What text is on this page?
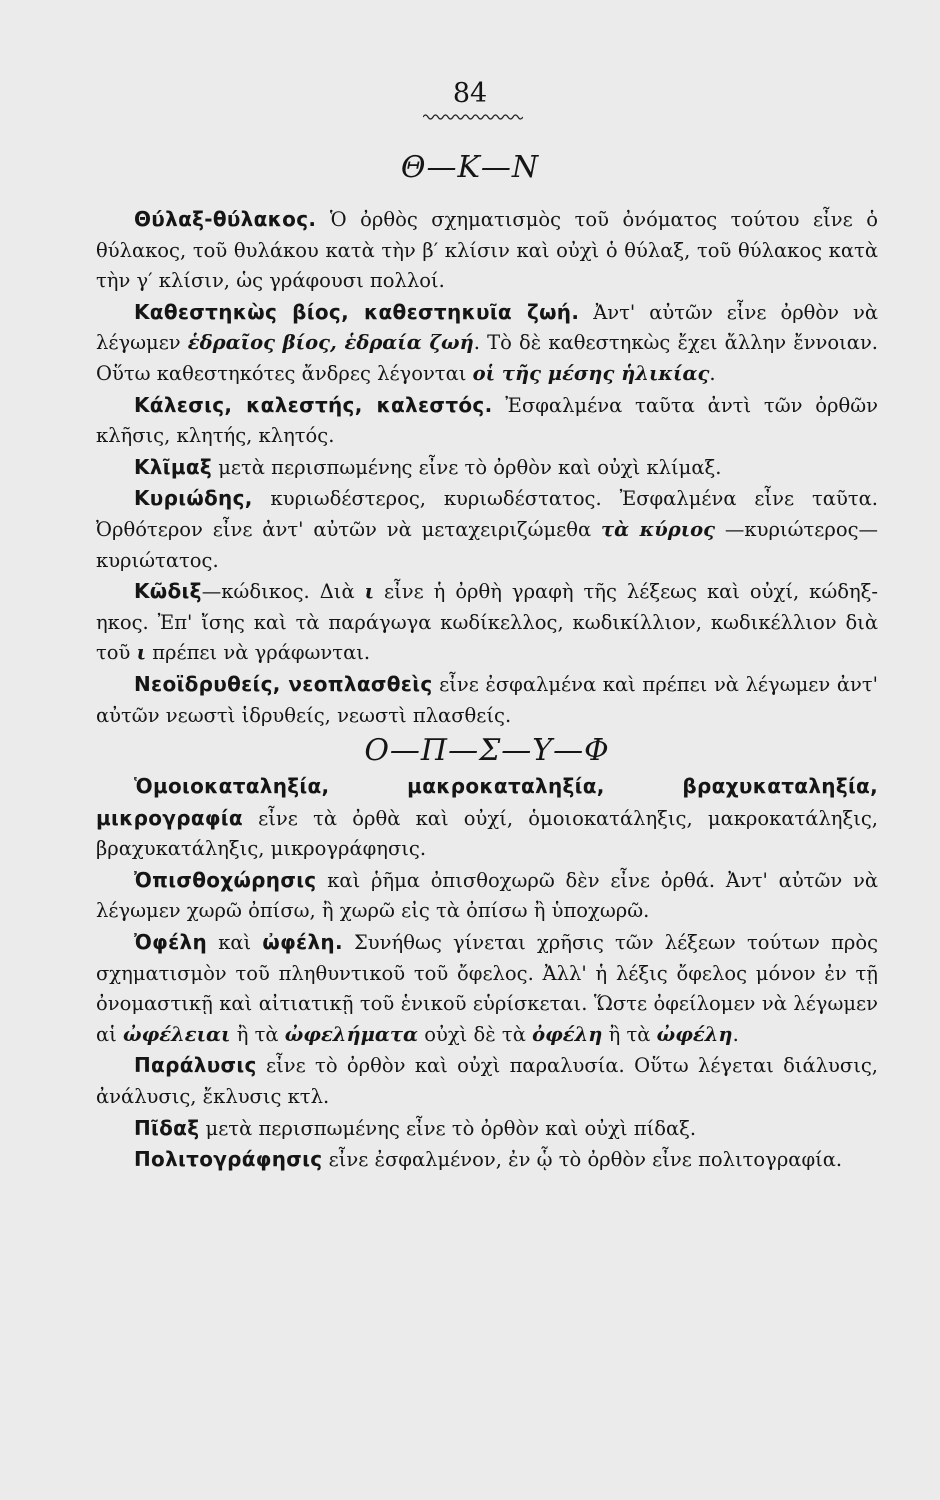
84
Θ—Κ—Ν

Θύλαξ-θύλακος. Ὁ ὀρθὸς σχηματισμὸς τοῦ ὀνόματος τούτου εἶνε ὁ θύλακος, τοῦ θυλάκου κατὰ τὴν β′ κλίσιν καὶ οὐχὶ ὁ θύλαξ, τοῦ θύλακος κατὰ τὴν γ′ κλίσιν, ὡς γράφουσι πολλοί.

Καθεστηκὼς βίος, καθεστηκυῖα ζωή. Ἀντ' αὐτῶν εἶνε ὀρθὸν νὰ λέγωμεν ἑδραῖος βίος, ἑδραία ζωή. Τὸ δὲ καθεστηκὼς ἔχει ἄλλην ἔννοιαν. Οὕτω καθεστηκότες ἄνδρες λέγονται οἱ τῆς μέσης ἡλικίας.

Κάλεσις, καλεστής, καλεστός. Ἐσφαλμένα ταῦτα ἀντὶ τῶν ὀρθῶν κλῆσις, κλητής, κλητός.

Κλῖμαξ μετὰ περισπωμένης εἶνε τὸ ὀρθὸν καὶ οὐχὶ κλίμαξ.

Κυριώδης, κυριωδέστερος, κυριωδέστατος. Ἐσφαλμένα εἶνε ταῦτα. Ὀρθότερον εἶνε ἀντ' αὐτῶν νὰ μεταχειριζώμεθα τὰ κύριος —κυριώτερος—κυριώτατος.

Κῶδιξ—κώδικος. Διὰ ι εἶνε ἡ ὀρθὴ γραφὴ τῆς λέξεως καὶ οὐχί, κώδηξ-ηκος. Ἐπ' ἴσης καὶ τὰ παράγωγα κωδίκελλος, κωδικίλλιον, κωδικέλλιον διὰ τοῦ ι πρέπει νὰ γράφωνται.

Νεοϊδρυθείς, νεοπλασθεὶς εἶνε ἐσφαλμένα καὶ πρέπει νὰ λέγωμεν ἀντ' αὐτῶν νεωστὶ ἱδρυθείς, νεωστὶ πλασθείς.

Ο—Π—Σ—Υ—Φ

Ὁμοιοκαταληξία, μακροκαταληξία, βραχυκαταληξία, μικρογραφία εἶνε τὰ ὀρθὰ καὶ οὐχί, ὁμοιοκατάληξις, μακροκατάληξις, βραχυκατάληξις, μικρογράφησις.

Ὀπισθοχώρησις καὶ ῥῆμα ὀπισθοχωρῶ δὲν εἶνε ὀρθά. Ἀντ' αὐτῶν νὰ λέγωμεν χωρῶ ὀπίσω, ἢ χωρῶ εἰς τὰ ὀπίσω ἢ ὑποχωρῶ.

Ὀφέλη καὶ ὠφέλη. Συνήθως γίνεται χρῆσις τῶν λέξεων τούτων πρὸς σχηματισμὸν τοῦ πληθυντικοῦ τοῦ ὄφελος. Ἀλλ' ἡ λέξις ὄφελος μόνον ἐν τῇ ὀνομαστικῇ καὶ αἰτιατικῇ τοῦ ἑνικοῦ εὑρίσκεται. Ὥστε ὀφείλομεν νὰ λέγωμεν αἱ ὠφέλειαι ἢ τὰ ὠφελήματα οὐχὶ δὲ τὰ ὀφέλη ἢ τὰ ὠφέλη.

Παράλυσις εἶνε τὸ ὀρθὸν καὶ οὐχὶ παραλυσία. Οὕτω λέγεται διάλυσις, ἀνάλυσις, ἔκλυσις κτλ.

Πῖδαξ μετὰ περισπωμένης εἶνε τὸ ὀρθὸν καὶ οὐχὶ πίδαξ.

Πολιτογράφησις εἶνε ἐσφαλμένον, ἐν ᾧ τὸ ὀρθὸν εἶνε πολιτογραφία.
